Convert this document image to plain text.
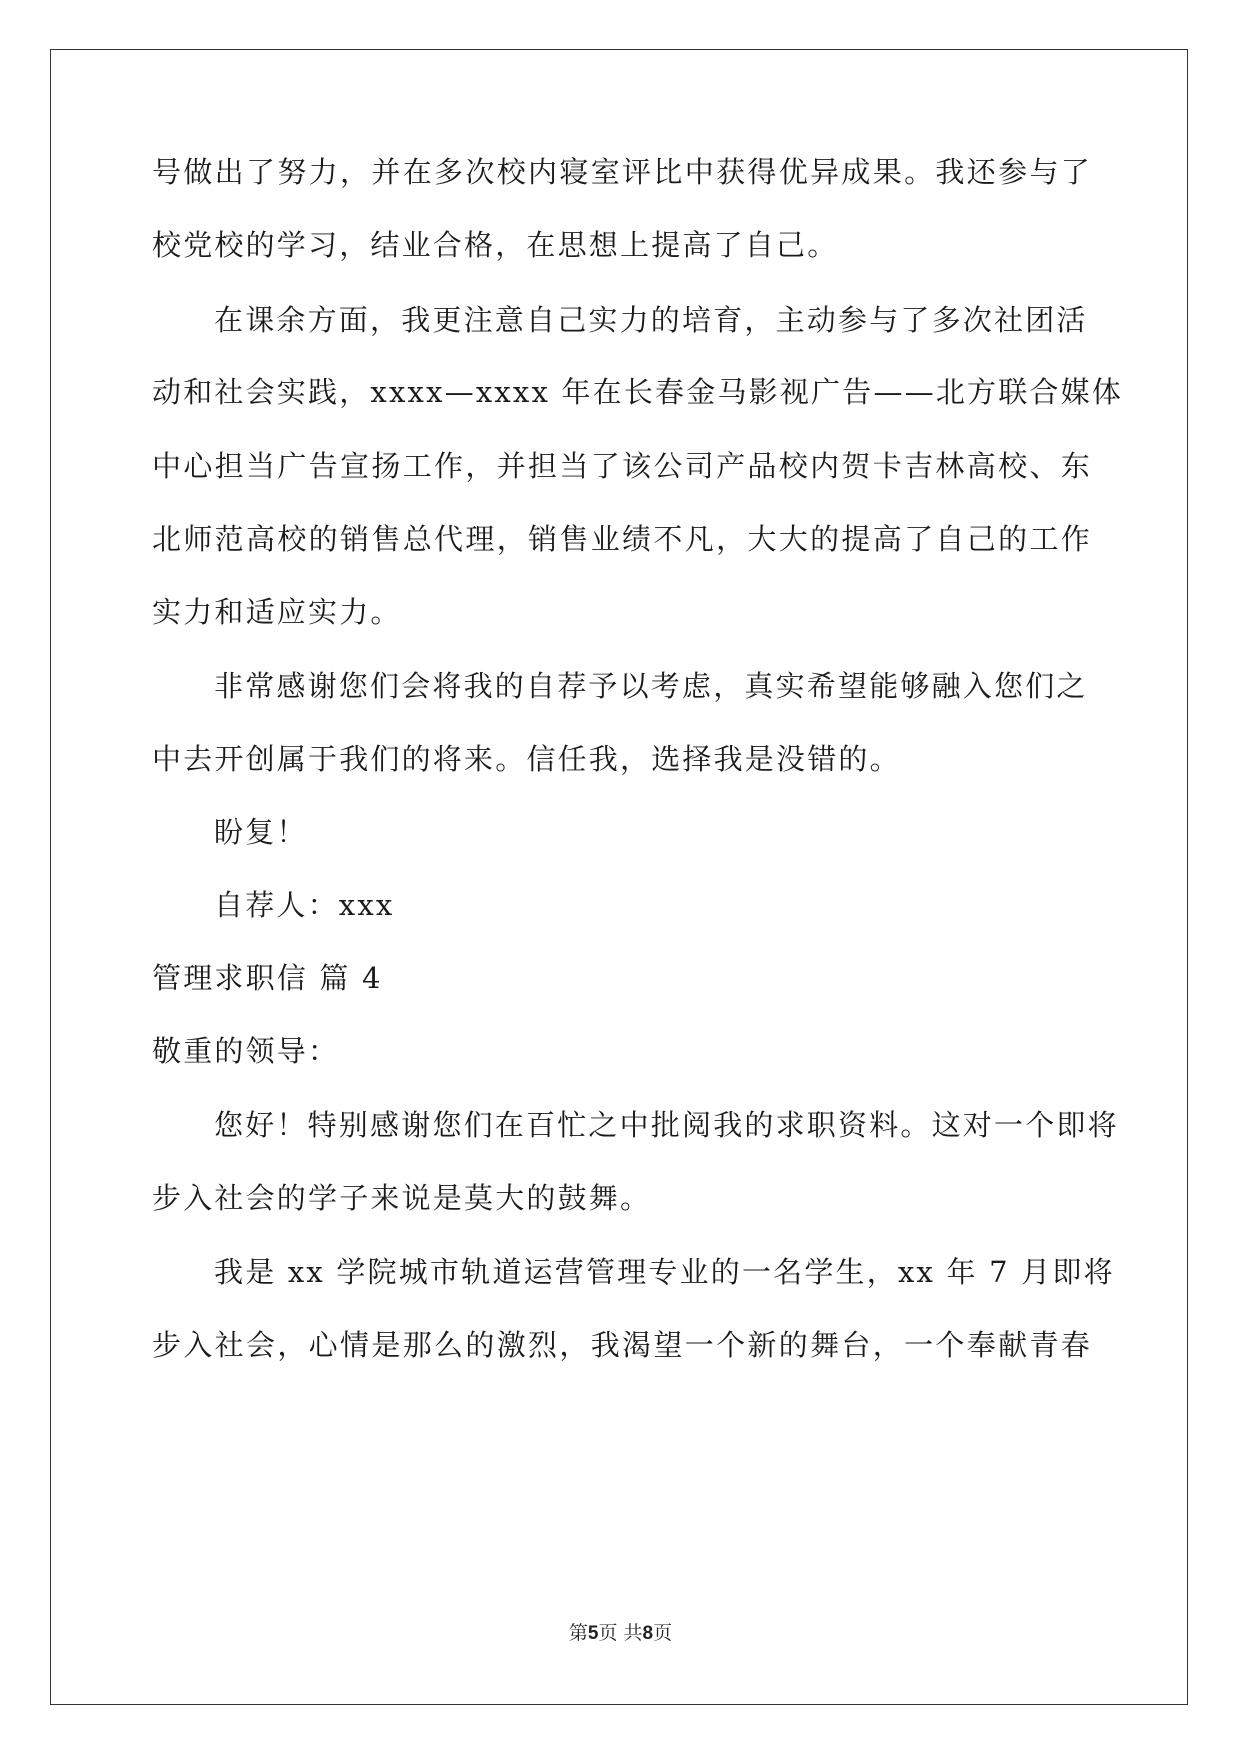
号做出了努力，并在多次校内寝室评比中获得优异成果。我还参与了
校党校的学习，结业合格，在思想上提高了自己。
在课余方面，我更注意自己实力的培育，主动参与了多次社团活
动和社会实践，xxxx—xxxx 年在长春金马影视广告——北方联合媒体
中心担当广告宣扬工作，并担当了该公司产品校内贺卡吉林高校、东
北师范高校的销售总代理，销售业绩不凡，大大的提高了自己的工作
实力和适应实力。
非常感谢您们会将我的自荐予以考虑，真实希望能够融入您们之
中去开创属于我们的将来。信任我，选择我是没错的。
盼复！
自荐人：xxx
管理求职信 篇 4
敬重的领导：
您好！特别感谢您们在百忙之中批阅我的求职资料。这对一个即将
步入社会的学子来说是莫大的鼓舞。
我是 xx 学院城市轨道运营管理专业的一名学生，xx 年 7 月即将
步入社会，心情是那么的激烈，我渴望一个新的舞台，一个奉献青春
第5页 共8页
